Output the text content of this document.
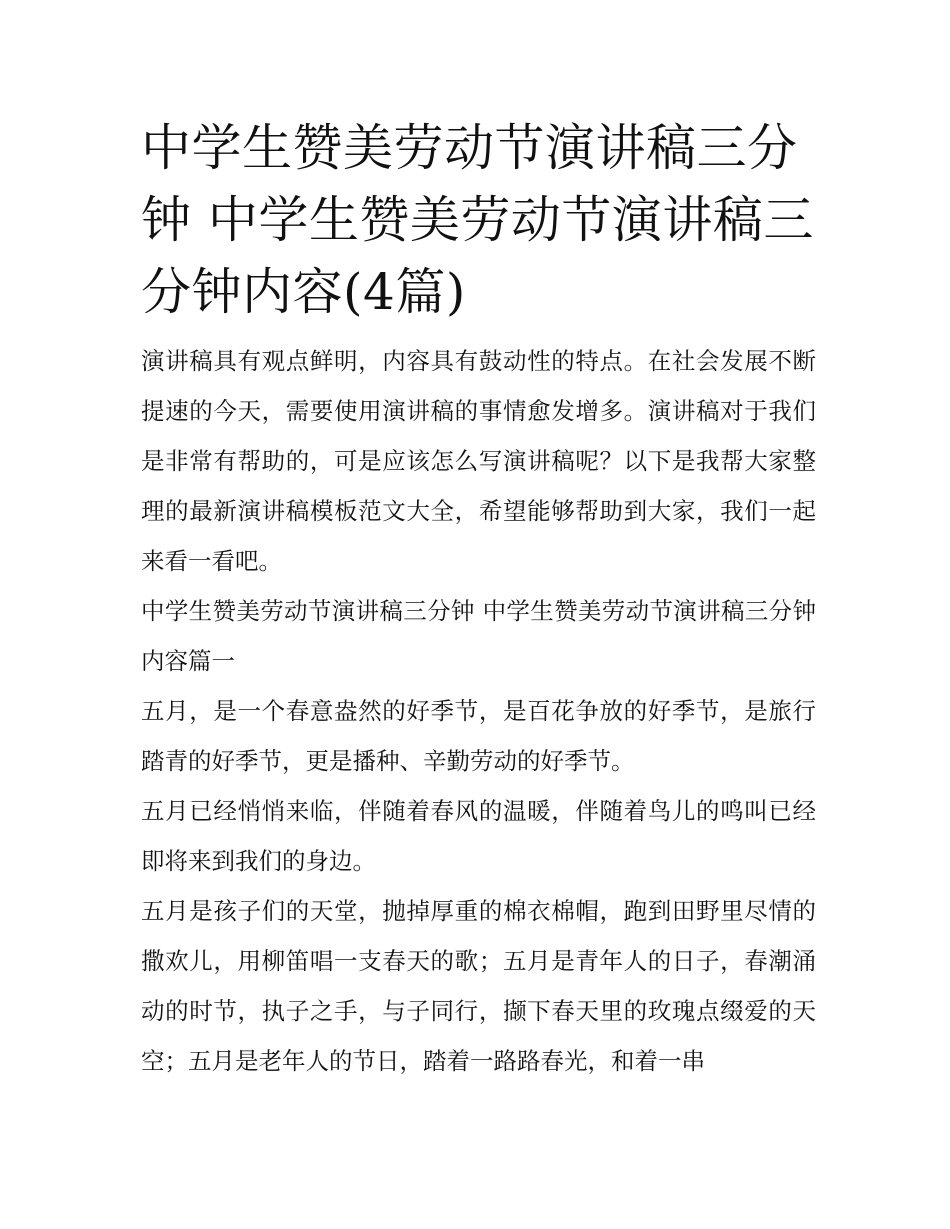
中学生赞美劳动节演讲稿三分钟 中学生赞美劳动节演讲稿三分钟内容(4篇)

演讲稿具有观点鲜明，内容具有鼓动性的特点。在社会发展不断提速的今天，需要使用演讲稿的事情愈发增多。演讲稿对于我们是非常有帮助的，可是应该怎么写演讲稿呢？以下是我帮大家整理的最新演讲稿模板范文大全，希望能够帮助到大家，我们一起来看一看吧。

中学生赞美劳动节演讲稿三分钟 中学生赞美劳动节演讲稿三分钟内容篇一

五月，是一个春意盎然的好季节，是百花争放的好季节，是旅行踏青的好季节，更是播种、辛勤劳动的好季节。

五月已经悄悄来临，伴随着春风的温暖，伴随着鸟儿的鸣叫已经即将来到我们的身边。

五月是孩子们的天堂，抛掉厚重的棉衣棉帽，跑到田野里尽情的撒欢儿，用柳笛唱一支春天的歌；五月是青年人的日子，春潮涌动的时节，执子之手，与子同行，撷下春天里的玫瑰点缀爱的天空；五月是老年人的节日，踏着一路路春光，和着一串
